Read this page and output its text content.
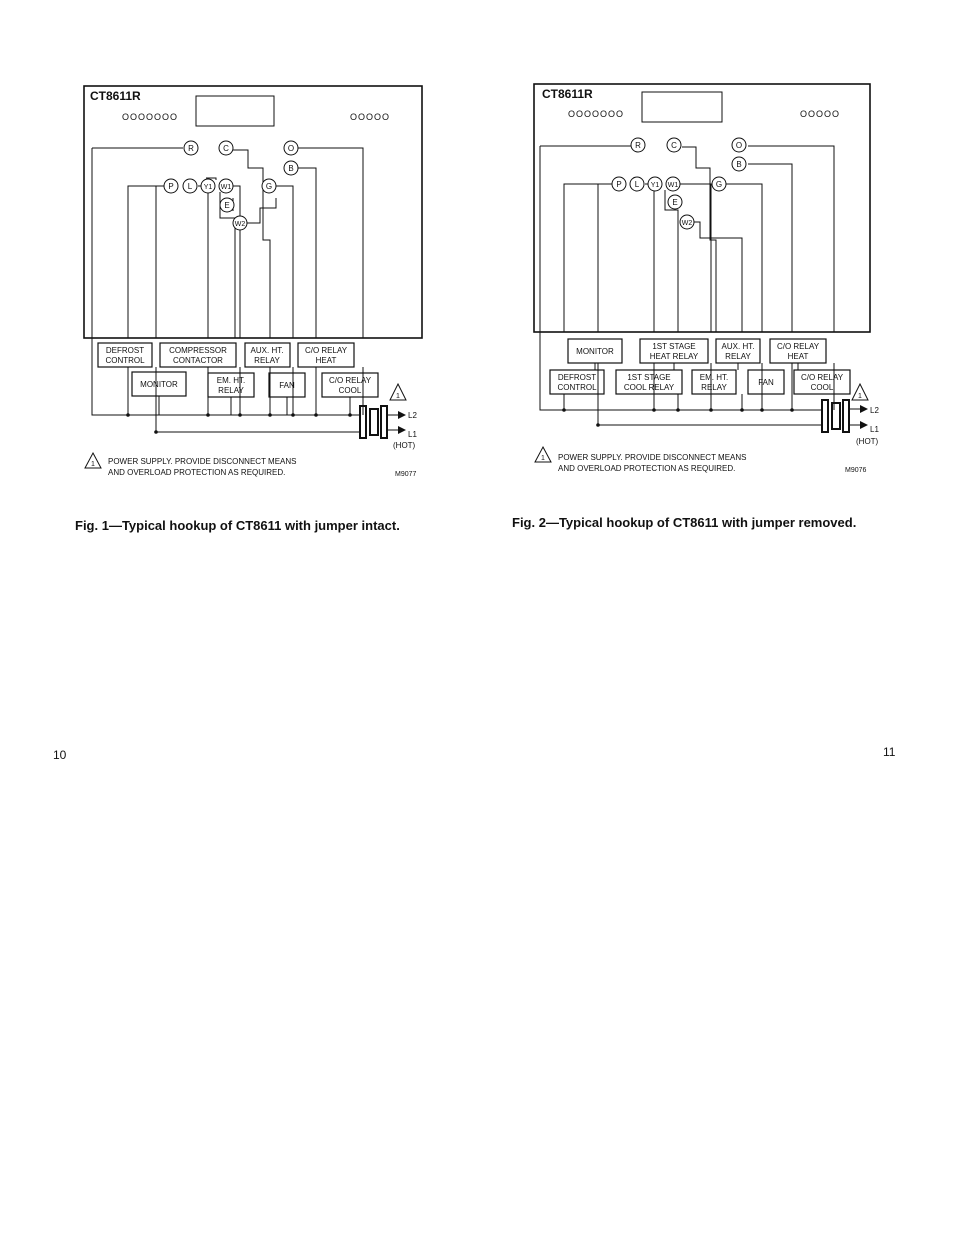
CT8611R
OOOOOOO	OOOOO
R	C	O
B
P L Y1 W1	G
E
W2
DEFROST
CONTROL
COMPRESSOR
CONTACTOR
AUX. HT.
RELAY
C/O RELAY
HEAT
MONITOR	EM. HT.
RELAY
FAN
C/O RELAY
COOL
L2
L1
(HOT)
1
1 POWER SUPPLY. PROVIDE DISCONNECT MEANS
AND OVERLOAD PROTECTION AS REQUIRED.	M9077
Fig. 1—Typical hookup of CT8611 with jumper intact.
CT8611R
OOOOOOO	OOOOO
R	C	O
B
P L Y1 W1	G
E
W2
MONITOR
1ST STAGE
HEAT RELAY
AUX. HT.
RELAY
C/O RELAY
HEAT
DEFROST
CONTROL
1ST STAGE
COOL RELAY
EM. HT.
RELAY
FAN
C/O RELAY
COOL
L2
L1
(HOT)
1
1 POWER SUPPLY. PROVIDE DISCONNECT MEANS
AND OVERLOAD PROTECTION AS REQUIRED.	M9076
Fig. 2—Typical hookup of CT8611 with jumper removed.
10	11
